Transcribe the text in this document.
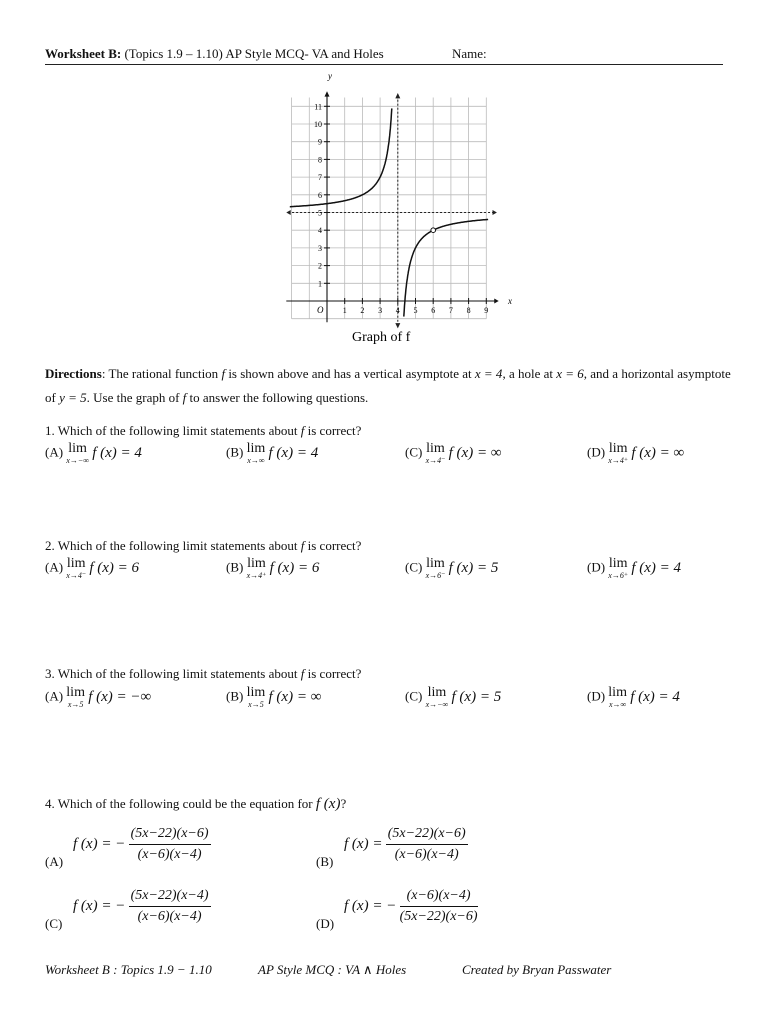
Worksheet B: (Topics 1.9 – 1.10) AP Style MCQ- VA and Holes	Name:
1 2 3 4 5 6 7 8 9
1
2
3
4
5
6
7
8
9
10
11
y
x
O
Graph of f
Directions: The rational function f is shown above and has a vertical asymptote at x = 4, a hole at x = 6, and a horizontal asymptote of y = 5. Use the graph of f to answer the following questions.
1. Which of the following limit statements about f is correct?
(A) lim
x→−∞ f (x) = 4	(B) lim
x→∞ f (x) = 4	(C) lim
x→4⁻ f (x) = ∞	(D) lim
x→4⁺ f (x) = ∞
2. Which of the following limit statements about f is correct?
(A) lim
x→4⁻ f (x) = 6	(B) lim
x→4⁺ f (x) = 6	(C) lim
x→6⁻ f (x) = 5	(D) lim
x→6⁺ f (x) = 4
3. Which of the following limit statements about f is correct?
(A) lim
x→5 f (x) = −∞	(B) lim
x→5 f (x) = ∞	(C) lim
x→−∞ f (x) = 5	(D) lim
x→∞ f (x) = 4
4. Which of the following could be the equation for f (x)?
(A)
f (x) = − $\frac{(5x-22)(x-6)}{(x-6)(x-4)}$	(B)
f $(x) = \frac{(5x-22)(x-6)}{(x-6)(x-4)}$
(C)
f (x) = − $\frac{(5x-22)(x-4)}{(x-6)(x-4)}$	(D)
f (x) = − $\frac{(x-6)(x-4)}{(5x-22)(x-6)}$
Worksheet B : Topics 1.9 − 1.10	AP Style MCQ : VA ∧ Holes	Created by Bryan Passwater
